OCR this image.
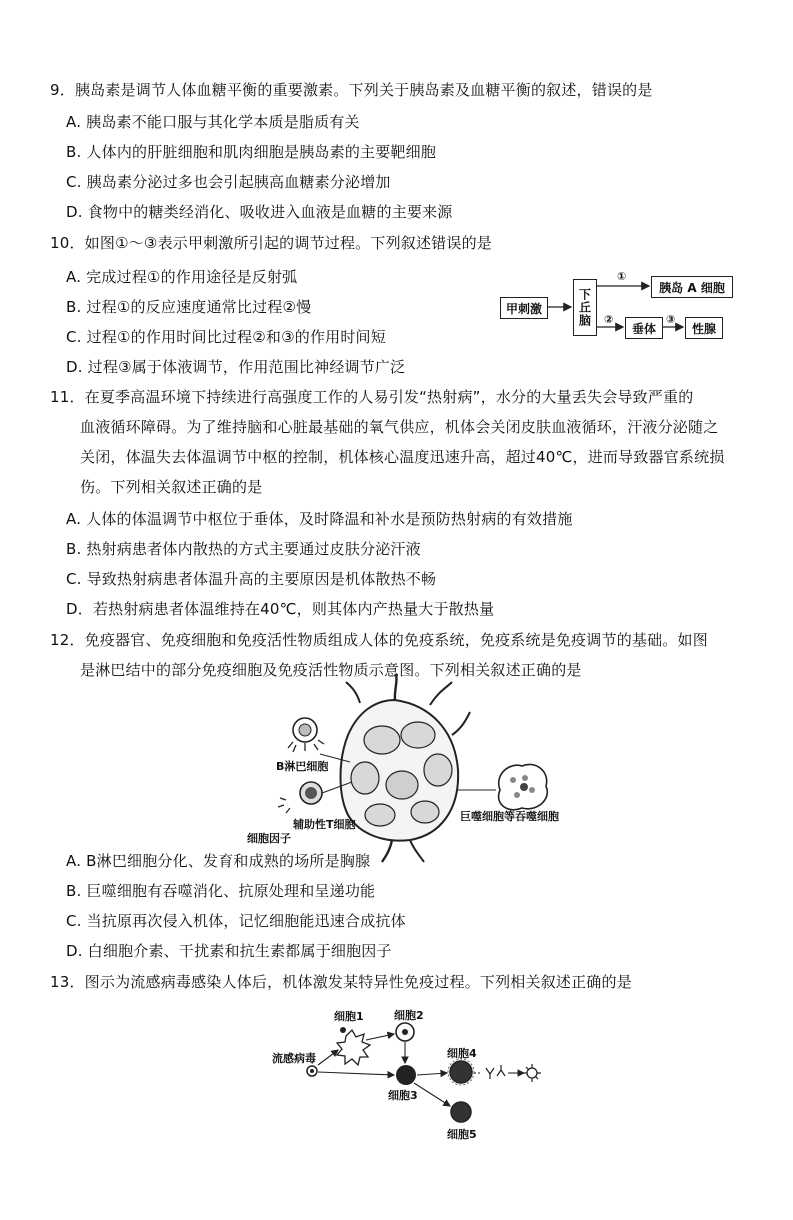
9．胰岛素是调节人体血糖平衡的重要激素。下列关于胰岛素及血糖平衡的叙述，错误的是
A. 胰岛素不能口服与其化学本质是脂质有关
B. 人体内的肝脏细胞和肌肉细胞是胰岛素的主要靶细胞
C. 胰岛素分泌过多也会引起胰高血糖素分泌增加
D. 食物中的糖类经消化、吸收进入血液是血糖的主要来源
10．如图①～③表示甲刺激所引起的调节过程。下列叙述错误的是
A. 完成过程①的作用途径是反射弧
B. 过程①的反应速度通常比过程②慢
C. 过程①的作用时间比过程②和③的作用时间短
D. 过程③属于体液调节，作用范围比神经调节广泛
甲刺激	下丘脑
胰岛 A 细胞
垂体	性腺
①
②	③
11．在夏季高温环境下持续进行高强度工作的人易引发“热射病”，水分的大量丢失会导致严重的
血液循环障碍。为了维持脑和心脏最基础的氧气供应，机体会关闭皮肤血液循环，汗液分泌随之
关闭，体温失去体温调节中枢的控制，机体核心温度迅速升高，超过40℃，进而导致器官系统损
伤。下列相关叙述正确的是
A. 人体的体温调节中枢位于垂体，及时降温和补水是预防热射病的有效措施
B. 热射病患者体内散热的方式主要通过皮肤分泌汗液
C. 导致热射病患者体温升高的主要原因是机体散热不畅
D．若热射病患者体温维持在40℃，则其体内产热量大于散热量
12．免疫器官、免疫细胞和免疫活性物质组成人体的免疫系统，免疫系统是免疫调节的基础。如图
是淋巴结中的部分免疫细胞及免疫活性物质示意图。下列相关叙述正确的是
B淋巴细胞
辅助性T细胞
细胞因子
巨噬细胞等吞噬细胞
A. B淋巴细胞分化、发育和成熟的场所是胸腺
B. 巨噬细胞有吞噬消化、抗原处理和呈递功能
C. 当抗原再次侵入机体，记忆细胞能迅速合成抗体
D. 白细胞介素、干扰素和抗生素都属于细胞因子
13．图示为流感病毒感染人体后，机体激发某特异性免疫过程。下列相关叙述正确的是
流感病毒
细胞1	细胞2
细胞3
细胞4
细胞5
